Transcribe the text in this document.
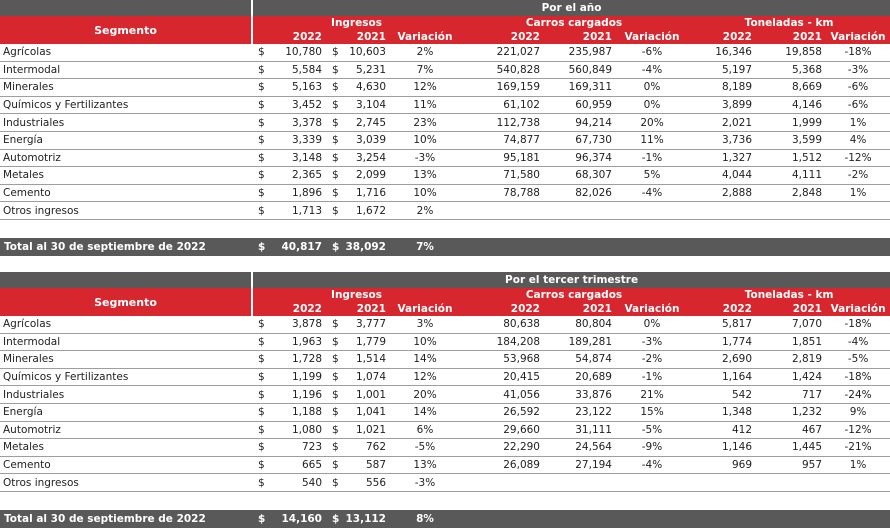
	Por el año										
Segmento	Ingresos					Carros cargados			Toneladas - km		
	2022		2021		Variación	2022	2021	Variación	2022	2021	Variación
Agrícolas	$	10,780	$	10,603	2%	221,027	235,987	-6%	16,346	19,858	-18%
Intermodal	$	5,584	$	5,231	7%	540,828	560,849	-4%	5,197	5,368	-3%
Minerales	$	5,163	$	4,630	12%	169,159	169,311	0%	8,189	8,669	-6%
Químicos y Fertilizantes	$	3,452	$	3,104	11%	61,102	60,959	0%	3,899	4,146	-6%
Industriales	$	3,378	$	2,745	23%	112,738	94,214	20%	2,021	1,999	1%
Energía	$	3,339	$	3,039	10%	74,877	67,730	11%	3,736	3,599	4%
Automotriz	$	3,148	$	3,254	-3%	95,181	96,374	-1%	1,327	1,512	-12%
Metales	$	2,365	$	2,099	13%	71,580	68,307	5%	4,044	4,111	-2%
Cemento	$	1,896	$	1,716	10%	78,788	82,026	-4%	2,888	2,848	1%
Otros ingresos	$	1,713	$	1,672	2%						

Total al 30 de septiembre de 2022	$	40,817	$	38,092	7%						
	Por el tercer trimestre										
Segmento	Ingresos					Carros cargados			Toneladas - km		
	2022		2021		Variación	2022	2021	Variación	2022	2021	Variación
Agrícolas	$	3,878	$	3,777	3%	80,638	80,804	0%	5,817	7,070	-18%
Intermodal	$	1,963	$	1,779	10%	184,208	189,281	-3%	1,774	1,851	-4%
Minerales	$	1,728	$	1,514	14%	53,968	54,874	-2%	2,690	2,819	-5%
Químicos y Fertilizantes	$	1,199	$	1,074	12%	20,415	20,689	-1%	1,164	1,424	-18%
Industriales	$	1,196	$	1,001	20%	41,056	33,876	21%	542	717	-24%
Energía	$	1,188	$	1,041	14%	26,592	23,122	15%	1,348	1,232	9%
Automotriz	$	1,080	$	1,021	6%	29,660	31,111	-5%	412	467	-12%
Metales	$	723	$	762	-5%	22,290	24,564	-9%	1,146	1,445	-21%
Cemento	$	665	$	587	13%	26,089	27,194	-4%	969	957	1%
Otros ingresos	$	540	$	556	-3%						

Total al 30 de septiembre de 2022	$	14,160	$	13,112	8%						
